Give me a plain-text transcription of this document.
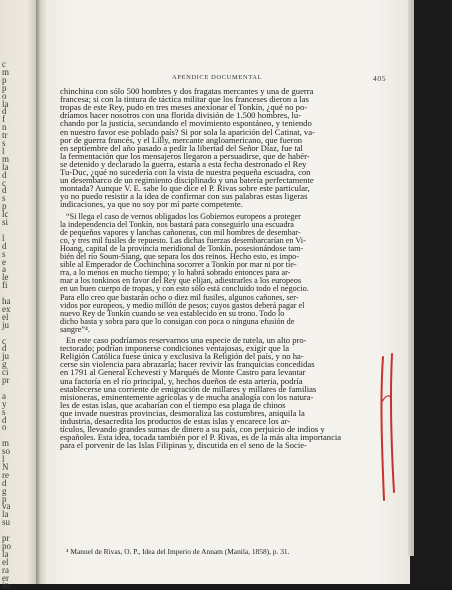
c
m
p
p
o
la
d
f
n
tr
s
l
m
la
d
c
d
s
p
lc
si
l
d
s
e
a
le
fi
ha
ex
el
ju
c
d
ju
g
ci
pr
a
y
s
d
o
m
so
l
N
re
d
g
p
va
la
su
pr
po
la
el
ra
er
in
APENDICE DOCUMENTAL	405
chinchina con sólo 500 hombres y dos fragatas mercantes y una de guerra
francesa; si con la tintura de táctica militar que los franceses dieron a las
tropas de este Rey, pudo en tres meses anexionar el Tonkín, ¿qué no po-
dríamos hacer nosotros con una florida división de 1.500 hombres, lu-
chando por la justicia, secundando el movimiento espontáneo, y teniendo
en nuestro favor ese poblado país? Si por sola la aparición del Catinat, va-
por de guerra francés, y el Lilly, mercante angloamericano, que fueron
en septiembre del año pasado a pedir la libertad del Señor Díaz, fue tal
la fermentación que los mensajeros llegaron a persuadirse, que de habér-
se detenido y declarado la guerra, estaría a esta fecha destronado el Rey
Tu-Duc, ¿qué no sucedería con la vista de nuestra pequeña escuadra, con
un desembarco de un regimiento disciplinado y una batería perfectamente
montada? Aunque V. E. sabe lo que dice el P. Rivas sobre este particular,
yo no puedo resistir a la idea de confirmar con sus palabras estas ligeras
indicaciones, ya que no soy por mí parte competente.
“Si llega el caso de vernos obligados los Gobiernos europeos a proteger
la independencia del Tonkín, nos bastará para conseguirlo una escuadra
de pequeños vapores y lanchas cañoneras, con mil hombres de desembar-
co, y tres mil fusiles de repuesto. Las dichas fuerzas desembarcarían en Vi-
Hoang, capital de la provincia meridional de Tonkín, posesionándose tam-
bién del río Soum-Siang, que separa los dos reinos. Hecho esto, es impo-
sible al Emperador de Cochinchina socorrer a Tonkín por mar ni por tie-
rra, a lo menos en mucho tiempo; y lo habrá sobrado entonces para ar-
mar a los tonkinos en favor del Rey que elijan, adiestrarles a los europeos
en un buen cuerpo de tropas, y con esto sólo está concluido todo el negocio.
Para ello creo que bastarán ocho o diez mil fusiles, algunos cañones, ser-
vidos por europeos, y medio millón de pesos; cuyos gastos deberá pagar el
nuevo Rey de Tonkín cuando se vea establecido en su trono. Todo lo
dicho basta y sobra para que lo consigan con poca o ninguna efusión de
sangre”⁴.
En este caso podríamos reservarnos una especie de tutela, un alto pro-
tectorado; podrían imponerse condiciones ventajosas, exigir que la
Religión Católica fuese única y exclusiva la Religión del país, y no ha-
cerse sin violencia para abrazarla; hacer revivir las franquicias concedidas
en 1791 al General Echevesti y Marqués de Monte Castro para levantar
una factoría en el río principal, y, hechos dueños de esta arteria, podría
establecerse una corriente de emigración de millares y millares de familias
misioneras, eminentemente agrícolas y de mucha analogía con los natura-
les de estas islas, que acabarían con el tiempo esa plaga de chinos
que invade nuestras provincias, desmoraliza las costumbres, aniquila la
industria, desacredita los productos de estas islas y encarece los ar-
tículos, llevando grandes sumas de dinero a su país, con perjuicio de indios y
españoles. Esta idea, tocada también por el P. Rivas, es de la más alta importancia
para el porvenir de las Islas Filipinas y, discutida en el seno de la Socie-
⁴ Manuel de Rivas, O. P., Idea del Imperio de Annam (Manila, 1858), p. 31.
